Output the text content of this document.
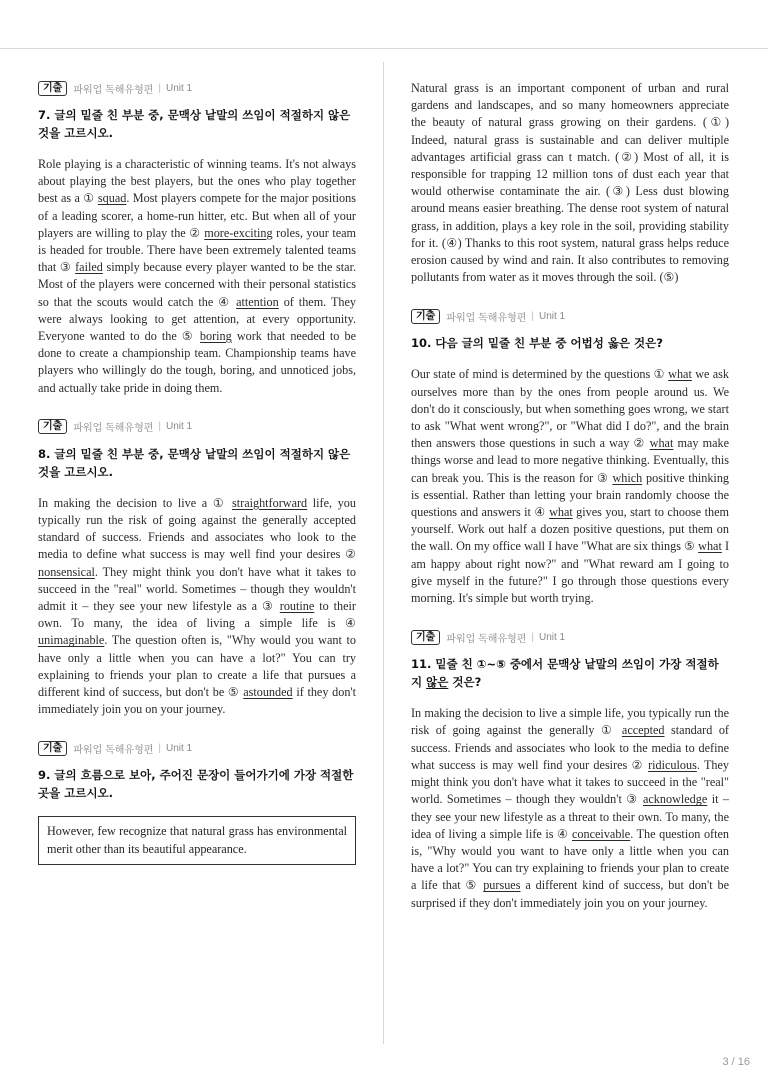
기출	파워업 독해유형편 | Unit 1

7. 글의 밑줄 친 부분 중, 문맥상 낱말의 쓰임이 적절하지 않은 것을 고르시오.

Role playing is a characteristic of winning teams. It's not always about playing the best players, but the ones who play together best as a ① squad. Most players compete for the major positions of a leading scorer, a home-run hitter, etc. But when all of your players are willing to play the ② more-exciting roles, your team is headed for trouble. There have been extremely talented teams that ③ failed simply because every player wanted to be the star. Most of the players were concerned with their personal statistics so that the scouts would catch the ④ attention of them. They were always looking to get attention, at every opportunity. Everyone wanted to do the ⑤ boring work that needed to be done to create a championship team. Championship teams have players who willingly do the tough, boring, and unnoticed jobs, and actually take pride in doing them.

기출	파워업 독해유형편 | Unit 1

8. 글의 밑줄 친 부분 중, 문맥상 낱말의 쓰임이 적절하지 않은 것을 고르시오.

In making the decision to live a ① straightforward life, you typically run the risk of going against the generally accepted standard of success. Friends and associates who look to the media to define what success is may well find your desires ② nonsensical. They might think you don't have what it takes to succeed in the "real" world. Sometimes – though they wouldn't admit it – they see your new lifestyle as a ③ routine to their own. To many, the idea of living a simple life is ④ unimaginable. The question often is, "Why would you want to have only a little when you can have a lot?" You can try explaining to friends your plan to create a life that pursues a different kind of success, but don't be ⑤ astounded if they don't immediately join you on your journey.

기출	파워업 독해유형편 | Unit 1

9. 글의 흐름으로 보아, 주어진 문장이 들어가기에 가장 적절한 곳을 고르시오.

However, few recognize that natural grass has environmental merit other than its beautiful appearance.

Natural grass is an important component of urban and rural gardens and landscapes, and so many homeowners appreciate the beauty of natural grass growing on their gardens. (①) Indeed, natural grass is sustainable and can deliver multiple advantages artificial grass can t match. (②) Most of all, it is responsible for trapping 12 million tons of dust each year that would otherwise contaminate the air. (③) Less dust blowing around means easier breathing. The dense root system of natural grass, in addition, plays a key role in the soil, providing stability for it. (④) Thanks to this root system, natural grass helps reduce erosion caused by wind and rain. It also contributes to removing pollutants from water as it moves through the soil. (⑤)

기출	파워업 독해유형편 | Unit 1

10. 다음 글의 밑줄 친 부분 중 어법성 옳은 것은?

Our state of mind is determined by the questions ① what we ask ourselves more than by the ones from people around us. We don't do it consciously, but when something goes wrong, we start to ask "What went wrong?", or "What did I do?", and the brain then answers those questions in such a way ② what may make things worse and lead to more negative thinking. Eventually, this can break you. This is the reason for ③ which positive thinking is essential. Rather than letting your brain randomly choose the questions and answers it ④ what gives you, start to choose them yourself. Work out half a dozen positive questions, put them on the wall. On my office wall I have "What are six things ⑤ what I am happy about right now?" and "What reward am I going to give myself in the future?" I go through those questions every morning. It's simple but worth trying.

기출	파워업 독해유형편 | Unit 1

11. 밑줄 친 ①~⑤ 중에서 문맥상 낱말의 쓰임이 가장 적절하지 않은 것은?

In making the decision to live a simple life, you typically run the risk of going against the generally ① accepted standard of success. Friends and associates who look to the media to define what success is may well find your desires ② ridiculous. They might think you don't have what it takes to succeed in the "real" world. Sometimes – though they wouldn't ③ acknowledge it – they see your new lifestyle as a threat to their own. To many, the idea of living a simple life is ④ conceivable. The question often is, "Why would you want to have only a little when you can have a lot?" You can try explaining to friends your plan to create a life that ⑤ pursues a different kind of success, but don't be surprised if they don't immediately join you on your journey.

3 / 16
